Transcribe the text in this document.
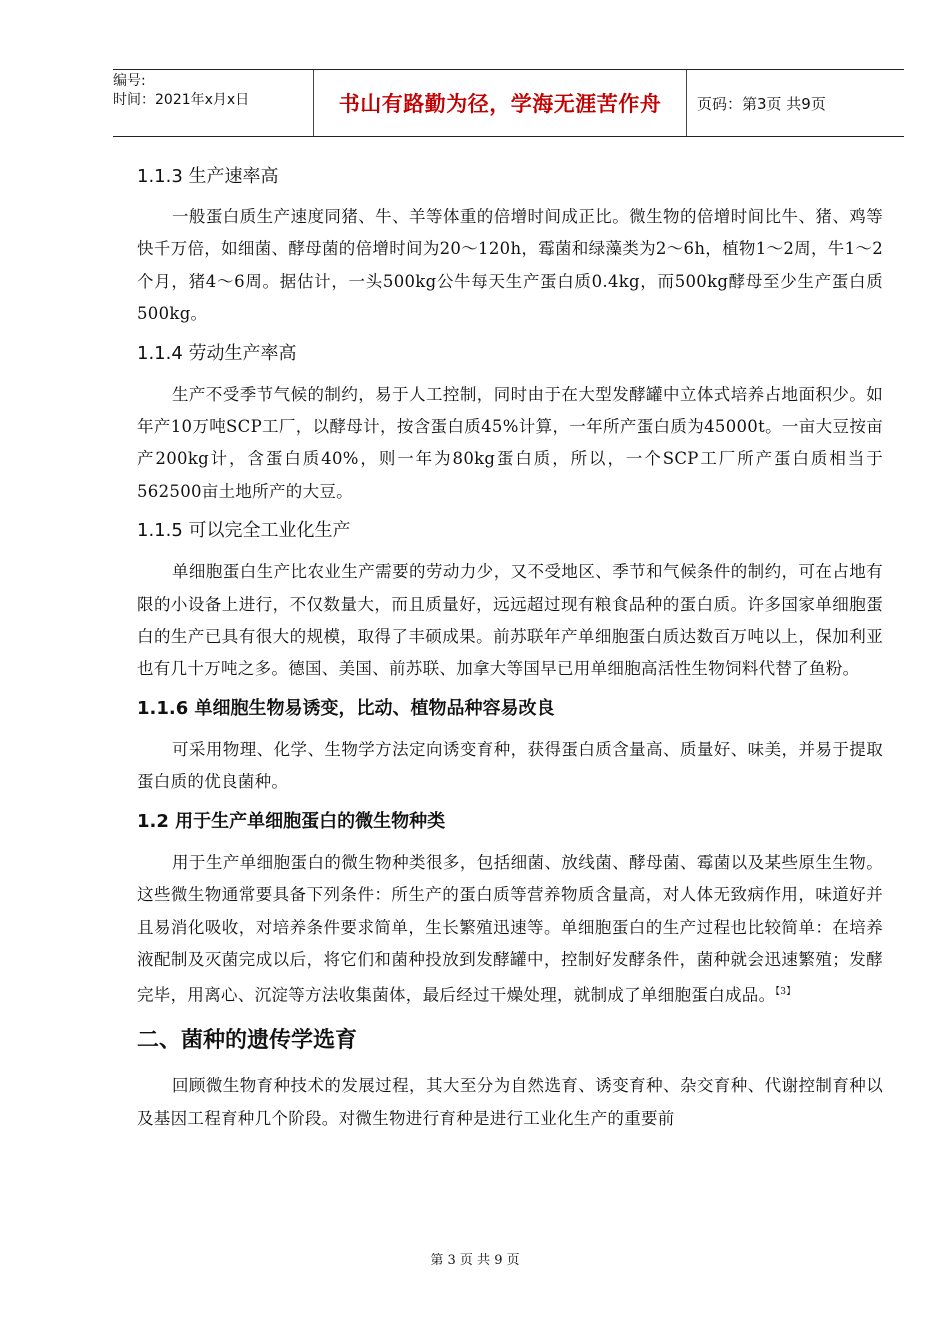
编号:
时间：2021年x月x日	书山有路勤为径，学海无涯苦作舟	页码：第3页 共9页
1.1.3 生产速率高

一般蛋白质生产速度同猪、牛、羊等体重的倍增时间成正比。微生物的倍增时间比牛、猪、鸡等快千万倍，如细菌、酵母菌的倍增时间为20～120h，霉菌和绿藻类为2～6h，植物1～2周，牛1～2个月，猪4～6周。据估计，一头500kg公牛每天生产蛋白质0.4kg，而500kg酵母至少生产蛋白质500kg。

1.1.4 劳动生产率高

生产不受季节气候的制约，易于人工控制，同时由于在大型发酵罐中立体式培养占地面积少。如年产10万吨SCP工厂，以酵母计，按含蛋白质45%计算，一年所产蛋白质为45000t。一亩大豆按亩产200kg计，含蛋白质40%，则一年为80kg蛋白质，所以，一个SCP工厂所产蛋白质相当于562500亩土地所产的大豆。

1.1.5 可以完全工业化生产

单细胞蛋白生产比农业生产需要的劳动力少，又不受地区、季节和气候条件的制约，可在占地有限的小设备上进行，不仅数量大，而且质量好，远远超过现有粮食品种的蛋白质。许多国家单细胞蛋白的生产已具有很大的规模，取得了丰硕成果。前苏联年产单细胞蛋白质达数百万吨以上，保加利亚也有几十万吨之多。德国、美国、前苏联、加拿大等国早已用单细胞高活性生物饲料代替了鱼粉。

1.1.6 单细胞生物易诱变，比动、植物品种容易改良

可采用物理、化学、生物学方法定向诱变育种，获得蛋白质含量高、质量好、味美，并易于提取蛋白质的优良菌种。

1.2 用于生产单细胞蛋白的微生物种类

用于生产单细胞蛋白的微生物种类很多，包括细菌、放线菌、酵母菌、霉菌以及某些原生生物。这些微生物通常要具备下列条件：所生产的蛋白质等营养物质含量高，对人体无致病作用，味道好并且易消化吸收，对培养条件要求简单，生长繁殖迅速等。单细胞蛋白的生产过程也比较简单：在培养液配制及灭菌完成以后，将它们和菌种投放到发酵罐中，控制好发酵条件，菌种就会迅速繁殖；发酵完毕，用离心、沉淀等方法收集菌体，最后经过干燥处理，就制成了单细胞蛋白成品。$^{【3】}$

二、菌种的遗传学选育

回顾微生物育种技术的发展过程，其大至分为自然选育、诱变育种、杂交育种、代谢控制育种以及基因工程育种几个阶段。对微生物进行育种是进行工业化生产的重要前

第 3 页 共 9 页
